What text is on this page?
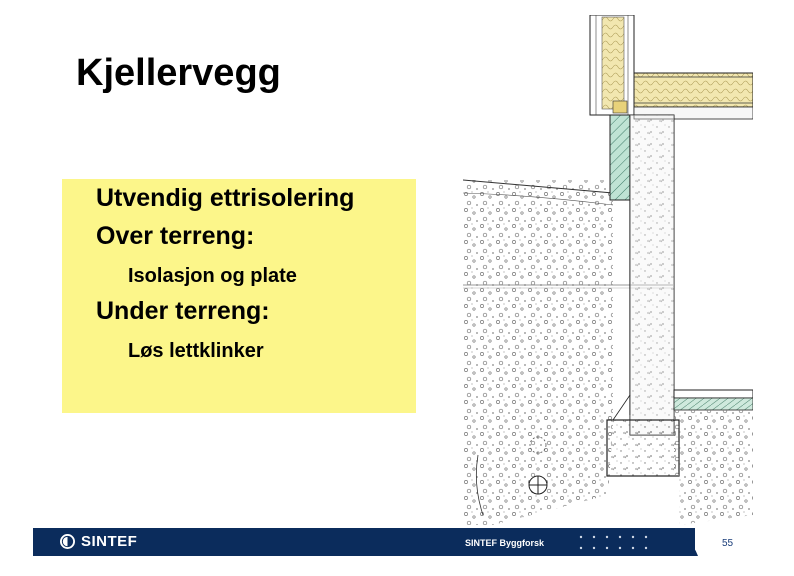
Kjellervegg
Utvendig ettrisolering
Over terreng:
Isolasjon og plate
Under terreng:
Løs lettklinker
SINTEF	SINTEF Byggforsk	55
